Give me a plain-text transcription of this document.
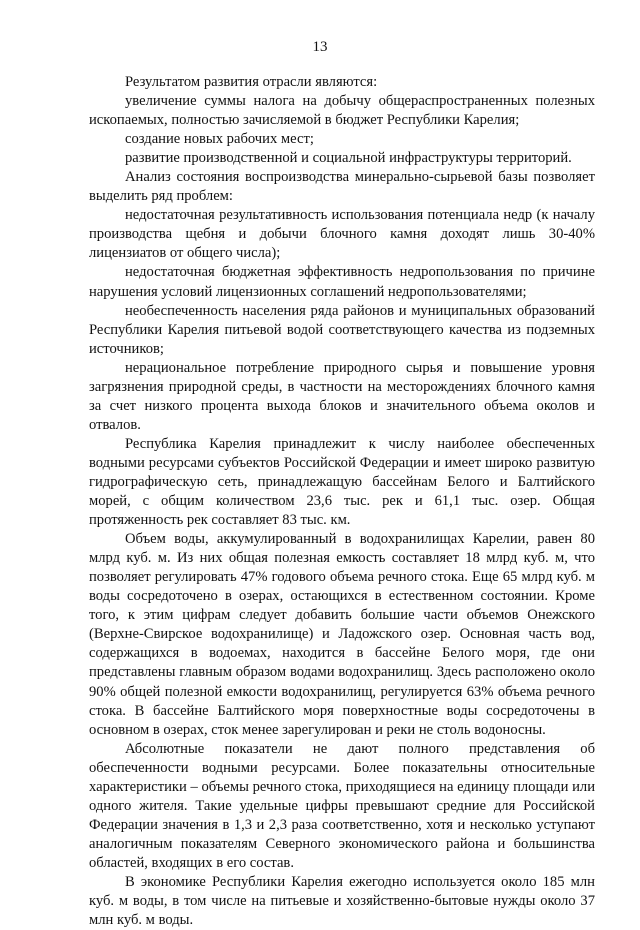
13

Результатом развития отрасли являются:

увеличение суммы налога на добычу общераспространенных полезных ископаемых, полностью зачисляемой в бюджет Республики Карелия;

создание новых рабочих мест;

развитие производственной и социальной инфраструктуры территорий.

Анализ состояния воспроизводства минерально-сырьевой базы позволяет выделить ряд проблем:

недостаточная результативность использования потенциала недр (к началу производства щебня и добычи блочного камня доходят лишь 30-40% лицензиатов от общего числа);

недостаточная бюджетная эффективность недропользования по причине нарушения условий лицензионных соглашений недропользователями;

необеспеченность населения ряда районов и муниципальных образований Республики Карелия питьевой водой соответствующего качества из подземных источников;

нерациональное потребление природного сырья и повышение уровня загрязнения природной среды, в частности на месторождениях блочного камня за счет низкого процента выхода блоков и значительного объема околов и отвалов.

Республика Карелия принадлежит к числу наиболее обеспеченных водными ресурсами субъектов Российской Федерации и имеет широко развитую гидрографическую сеть, принадлежащую бассейнам Белого и Балтийского морей, с общим количеством 23,6 тыс. рек и 61,1 тыс. озер. Общая протяженность рек составляет 83 тыс. км.

Объем воды, аккумулированный в водохранилищах Карелии, равен 80 млрд куб. м. Из них общая полезная емкость составляет 18 млрд куб. м, что позволяет регулировать 47% годового объема речного стока. Еще 65 млрд куб. м воды сосредоточено в озерах, остающихся в естественном состоянии. Кроме того, к этим цифрам следует добавить большие части объемов Онежского (Верхне-Свирское водохранилище) и Ладожского озер. Основная часть вод, содержащихся в водоемах, находится в бассейне Белого моря, где они представлены главным образом водами водохранилищ. Здесь расположено около 90% общей полезной емкости водохранилищ, регулируется 63% объема речного стока. В бассейне Балтийского моря поверхностные воды сосредоточены в основном в озерах, сток менее зарегулирован и реки не столь водоносны.

Абсолютные показатели не дают полного представления об обеспеченности водными ресурсами. Более показательны относительные характеристики – объемы речного стока, приходящиеся на единицу площади или одного жителя. Такие удельные цифры превышают средние для Российской Федерации значения в 1,3 и 2,3 раза соответственно, хотя и несколько уступают аналогичным показателям Северного экономического района и большинства областей, входящих в его состав.

В экономике Республики Карелия ежегодно используется около 185 млн куб. м воды, в том числе на питьевые и хозяйственно-бытовые нужды около 37 млн куб. м воды.
